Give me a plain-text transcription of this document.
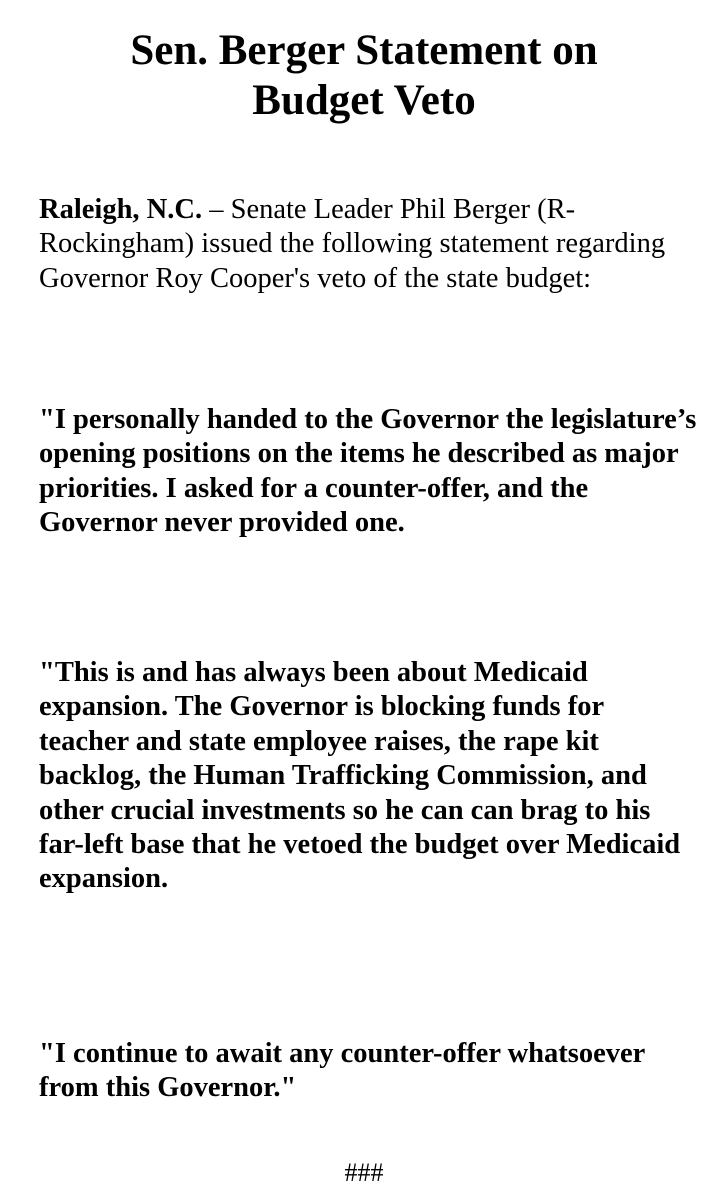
Sen. Berger Statement on
Budget Veto

Raleigh, N.C. – Senate Leader Phil Berger (R-Rockingham) issued the following statement regarding Governor Roy Cooper's veto of the state budget:

"I personally handed to the Governor the legislature’s opening positions on the items he described as major priorities. I asked for a counter-offer, and the Governor never provided one.

"This is and has always been about Medicaid expansion. The Governor is blocking funds for teacher and state employee raises, the rape kit backlog, the Human Trafficking Commission, and other crucial investments so he can can brag to his far-left base that he vetoed the budget over Medicaid expansion.

"I continue to await any counter-offer whatsoever from this Governor."

###
